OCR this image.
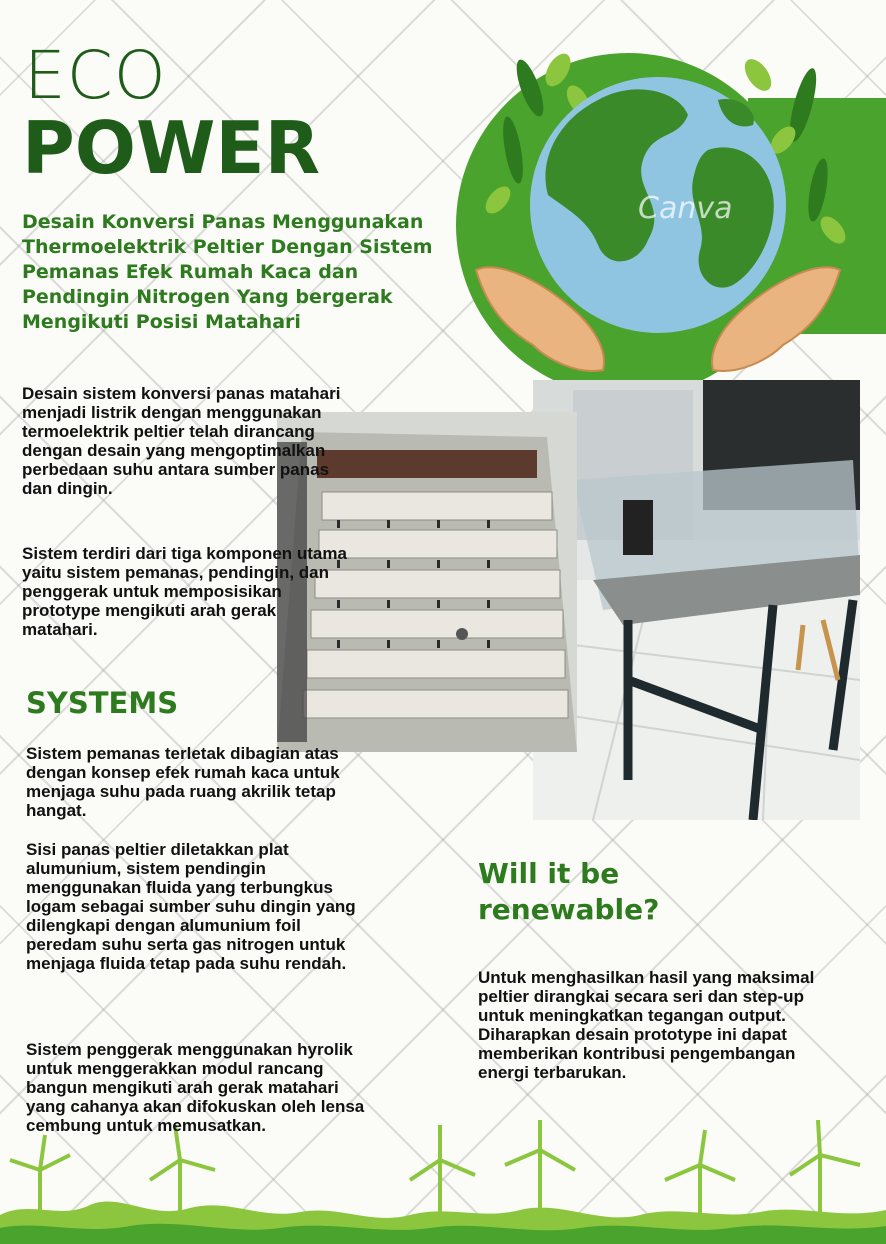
ECO
POWER
Desain Konversi Panas Menggunakan Thermoelektrik Peltier Dengan Sistem Pemanas Efek Rumah Kaca dan Pendingin Nitrogen Yang bergerak Mengikuti Posisi Matahari
Canva
Desain sistem konversi panas matahari menjadi listrik dengan menggunakan termoelektrik peltier telah dirancang dengan desain yang mengoptimalkan perbedaan suhu antara sumber panas dan dingin.
Sistem terdiri dari tiga komponen utama yaitu sistem pemanas, pendingin, dan penggerak untuk memposisikan prototype mengikuti arah gerak matahari.
SYSTEMS
Sistem pemanas terletak dibagian atas dengan konsep efek rumah kaca untuk menjaga suhu pada ruang akrilik tetap hangat.
Sisi panas peltier diletakkan plat alumunium, sistem pendingin menggunakan fluida yang terbungkus logam sebagai sumber suhu dingin yang dilengkapi dengan alumunium foil peredam suhu serta gas nitrogen untuk menjaga fluida tetap pada suhu rendah.
Sistem penggerak menggunakan hyrolik untuk menggerakkan modul rancang bangun mengikuti arah gerak matahari yang cahanya akan difokuskan oleh lensa cembung untuk memusatkan.
Will it be renewable?
Untuk menghasilkan hasil yang maksimal peltier dirangkai secara seri dan step-up untuk meningkatkan tegangan output. Diharapkan desain prototype ini dapat memberikan kontribusi pengembangan energi terbarukan.
